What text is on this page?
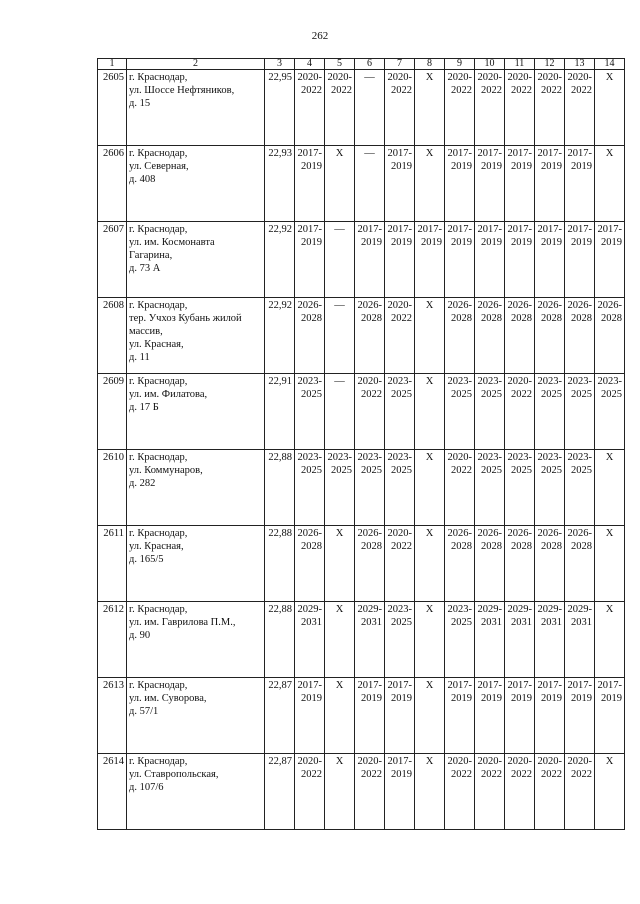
262
1	2	3	4	5	6	7	8	9	10	11	12	13	14

2605	г. Краснодар,
ул. Шоссе Нефтяников,
д. 15	22,95	2020-
2022	2020-
2022	—	2020-
2022	X	2020-
2022	2020-
2022	2020-
2022	2020-
2022	2020-
2022	X

2606	г. Краснодар,
ул. Северная,
д. 408	22,93	2017-
2019	X	—	2017-
2019	X	2017-
2019	2017-
2019	2017-
2019	2017-
2019	2017-
2019	X

2607	г. Краснодар,
ул. им. Космонавта
Гагарина,
д. 73 А	22,92	2017-
2019	—	2017-
2019	2017-
2019	2017-
2019	2017-
2019	2017-
2019	2017-
2019	2017-
2019	2017-
2019	2017-
2019

2608	г. Краснодар,
тер. Учхоз Кубань жилой
массив,
ул. Красная,
д. 11	22,92	2026-
2028	—	2026-
2028	2020-
2022	X	2026-
2028	2026-
2028	2026-
2028	2026-
2028	2026-
2028	2026-
2028

2609	г. Краснодар,
ул. им. Филатова,
д. 17 Б	22,91	2023-
2025	—	2020-
2022	2023-
2025	X	2023-
2025	2023-
2025	2020-
2022	2023-
2025	2023-
2025	2023-
2025

2610	г. Краснодар,
ул. Коммунаров,
д. 282	22,88	2023-
2025	2023-
2025	2023-
2025	2023-
2025	X	2020-
2022	2023-
2025	2023-
2025	2023-
2025	2023-
2025	X

2611	г. Краснодар,
ул. Красная,
д. 165/5	22,88	2026-
2028	X	2026-
2028	2020-
2022	X	2026-
2028	2026-
2028	2026-
2028	2026-
2028	2026-
2028	X

2612	г. Краснодар,
ул. им. Гаврилова П.М.,
д. 90	22,88	2029-
2031	X	2029-
2031	2023-
2025	X	2023-
2025	2029-
2031	2029-
2031	2029-
2031	2029-
2031	X

2613	г. Краснодар,
ул. им. Суворова,
д. 57/1	22,87	2017-
2019	X	2017-
2019	2017-
2019	X	2017-
2019	2017-
2019	2017-
2019	2017-
2019	2017-
2019	2017-
2019

2614	г. Краснодар,
ул. Ставропольская,
д. 107/6	22,87	2020-
2022	X	2020-
2022	2017-
2019	X	2020-
2022	2020-
2022	2020-
2022	2020-
2022	2020-
2022	X
